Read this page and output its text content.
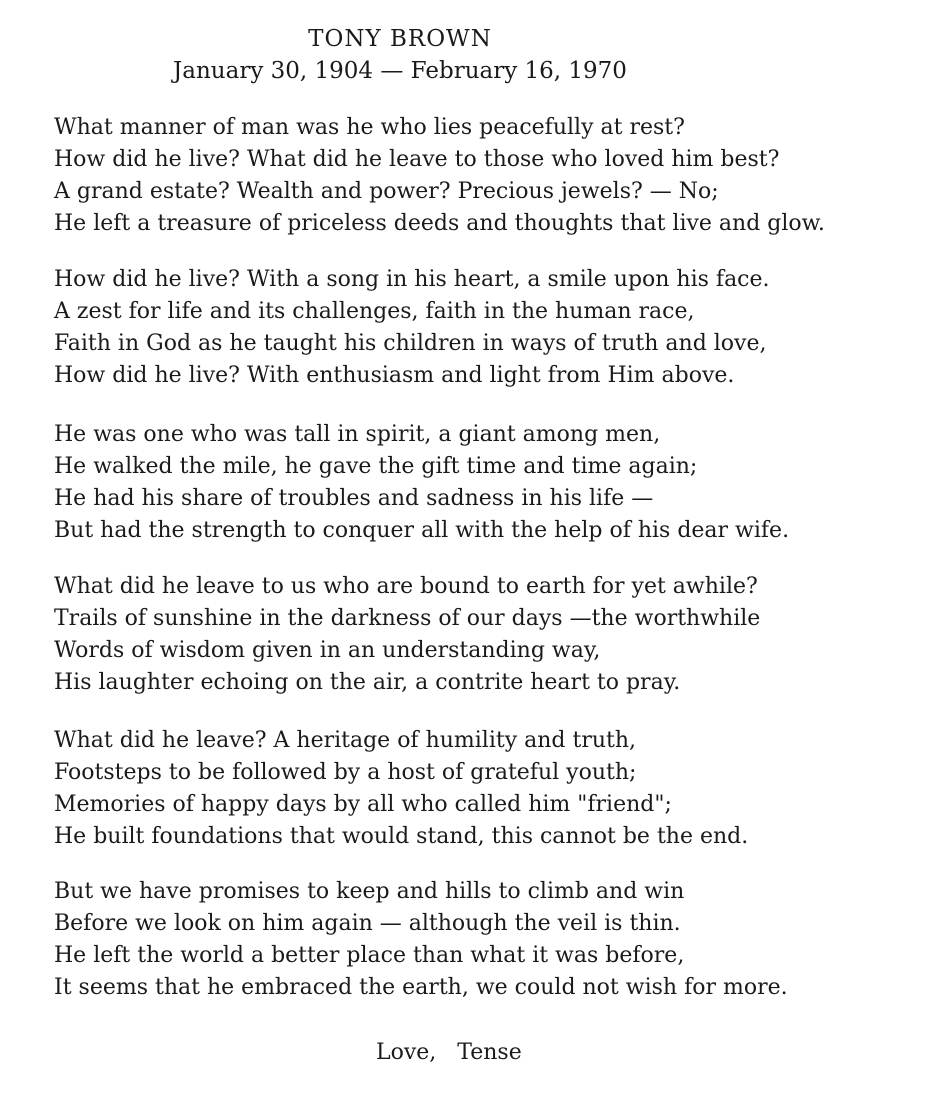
TONY BROWN
January 30, 1904 — February 16, 1970
What manner of man was he who lies peacefully at rest?
How did he live? What did he leave to those who loved him best?
A grand estate? Wealth and power? Precious jewels? — No;
He left a treasure of priceless deeds and thoughts that live and glow.
How did he live? With a song in his heart, a smile upon his face.
A zest for life and its challenges, faith in the human race,
Faith in God as he taught his children in ways of truth and love,
How did he live? With enthusiasm and light from Him above.
He was one who was tall in spirit, a giant among men,
He walked the mile, he gave the gift time and time again;
He had his share of troubles and sadness in his life —
But had the strength to conquer all with the help of his dear wife.
What did he leave to us who are bound to earth for yet awhile?
Trails of sunshine in the darkness of our days —the worthwhile
Words of wisdom given in an understanding way,
His laughter echoing on the air, a contrite heart to pray.
What did he leave? A heritage of humility and truth,
Footsteps to be followed by a host of grateful youth;
Memories of happy days by all who called him "friend";
He built foundations that would stand, this cannot be the end.
But we have promises to keep and hills to climb and win
Before we look on him again — although the veil is thin.
He left the world a better place than what it was before,
It seems that he embraced the earth, we could not wish for more.
Love,   Tense
